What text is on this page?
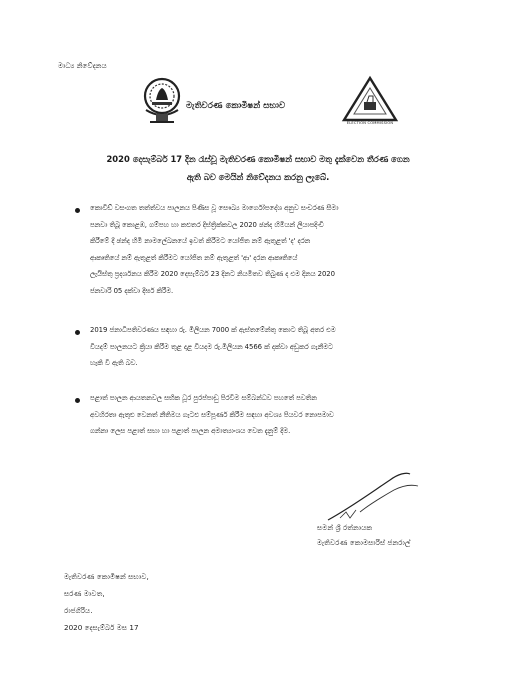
මාධ්‍ය නිවේදනය
මැතිවරණ කොමිෂන් සභාව
ELECTION COMMISSION
2020 දෙසැම්බර් 17 දින රැස්වූ මැතිවරණ කොමිෂන් සභාව මතු දැක්වෙන තීරණ ගෙන
ඇති බව මෙයින් නිවේදනය කරනු ලැබේ.
කොවිඩ් වසංගත තත්ත්වය පාලනය පිණිස වූ සෞඛ්‍ය මාර්ගෝපදේශ අනුව සංචරණ සීමා
පනවා තිබූ කොළඹ, ගම්පහ හා කළුතර දිස්ත්‍රික්කවල 2020 ඡන්ද හිමියන් ලියාපදිංචි
කිරීමේ දී ඡන්ද හිමි නාමලේඛනයේ ඉවත් කිරීමට යෝජිත නම් ඇතුළත් 'ද' දරන
ආකෘතියේ නම් ඇතුළත් කිරීමට යෝජිත නම් ඇතුළත් 'ආ' දරන ආකෘතියේ
ලැයිස්තු ප්‍රදර්ශනය කිරීම 2020 දෙසැම්බර් 23 දිනට නියමිතව තිබුණ ද එම දිනය 2020
ජනවාරි 05 දක්වා දීර්ඝ කිරීම.
2019 ජනාධිපතිවරණය සඳහා රු. මිලියන 7000 ක් ඇස්තමේන්තු කොට තිබූ අතර එම
වියදම් පාලනයට ක්‍රියා කිරීම තුළ දළ වියදම රු.මිලියන 4566 ක් දක්වා අඩුකර ගැනීමට
හැකි වී ඇති බව.
පළාත් පාලන ආයතනවල සභික ධූර පුරප්පාඩු පිරවීම සම්බන්ධව පහතේ පවතින
අවහිරතා ඇතුළු වෙනත් නීතිමය ගැටළු සම්පූර්ණ කිරීම සඳහා අවශ්‍ය පියවර නොපමාව
ගන්නා ලෙස පළාත් සභා හා පළාත් පාලන අමාත්‍යාංශය වෙත දැනුම් දීම.
සමන් ශ්‍රී රත්නායක
මැතිවරණ කොමසාරිස් ජනරාල්
මැතිවරණ කොමිෂන් සභාව,
සරණ මාවත,
රාජගිරිය.
2020 දෙසැම්බර් මස 17
